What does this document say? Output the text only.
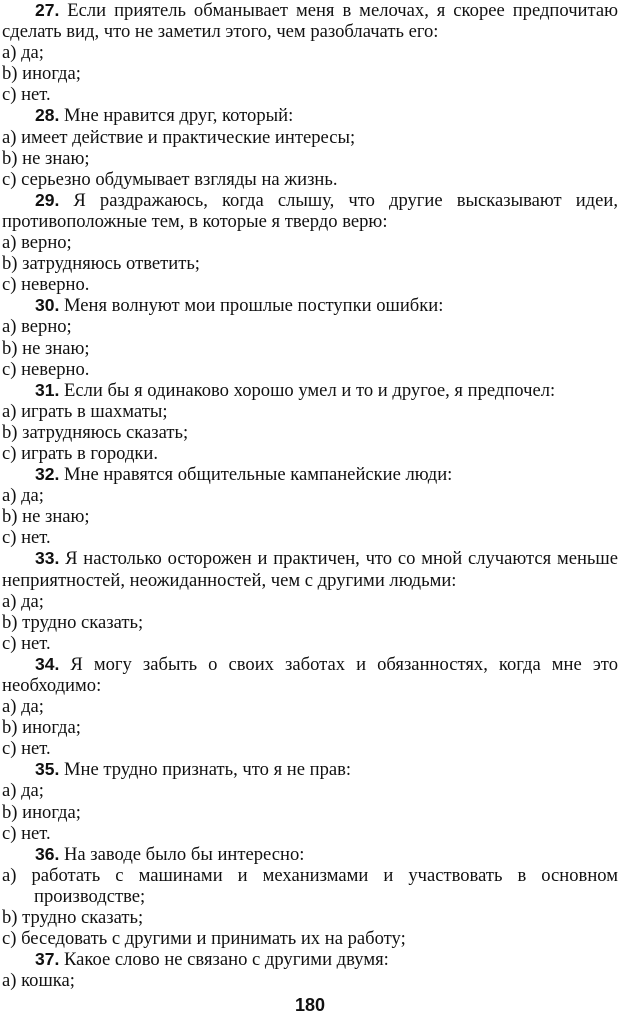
27. Если приятель обманывает меня в мелочах, я скорее предпочитаю сделать вид, что не заметил этого, чем разоблачать его:

a) да;

b) иногда;

c) нет.

28. Мне нравится друг, который:

a) имеет действие и практические интересы;

b) не знаю;

c) серьезно обдумывает взгляды на жизнь.

29. Я раздражаюсь, когда слышу, что другие высказывают идеи, противоположные тем, в которые я твердо верю:

a) верно;

b) затрудняюсь ответить;

c) неверно.

30. Меня волнуют мои прошлые поступки ошибки:

a) верно;

b) не знаю;

c) неверно.

31. Если бы я одинаково хорошо умел и то и другое, я предпочел:

a) играть в шахматы;

b) затрудняюсь сказать;

c) играть в городки.

32. Мне нравятся общительные кампанейские люди:

a) да;

b) не знаю;

c) нет.

33. Я настолько осторожен и практичен, что со мной случаются меньше неприятностей, неожиданностей, чем с другими людьми:

a) да;

b) трудно сказать;

c) нет.

34. Я могу забыть о своих заботах и обязанностях, когда мне это необходимо:

a) да;

b) иногда;

c) нет.

35. Мне трудно признать, что я не прав:

a) да;

b) иногда;

c) нет.

36. На заводе было бы интересно:

a) работать с машинами и механизмами и участвовать в основном производстве;

b) трудно сказать;

c) беседовать с другими и принимать их на работу;

37. Какое слово не связано с другими двумя:

a) кошка;

180
